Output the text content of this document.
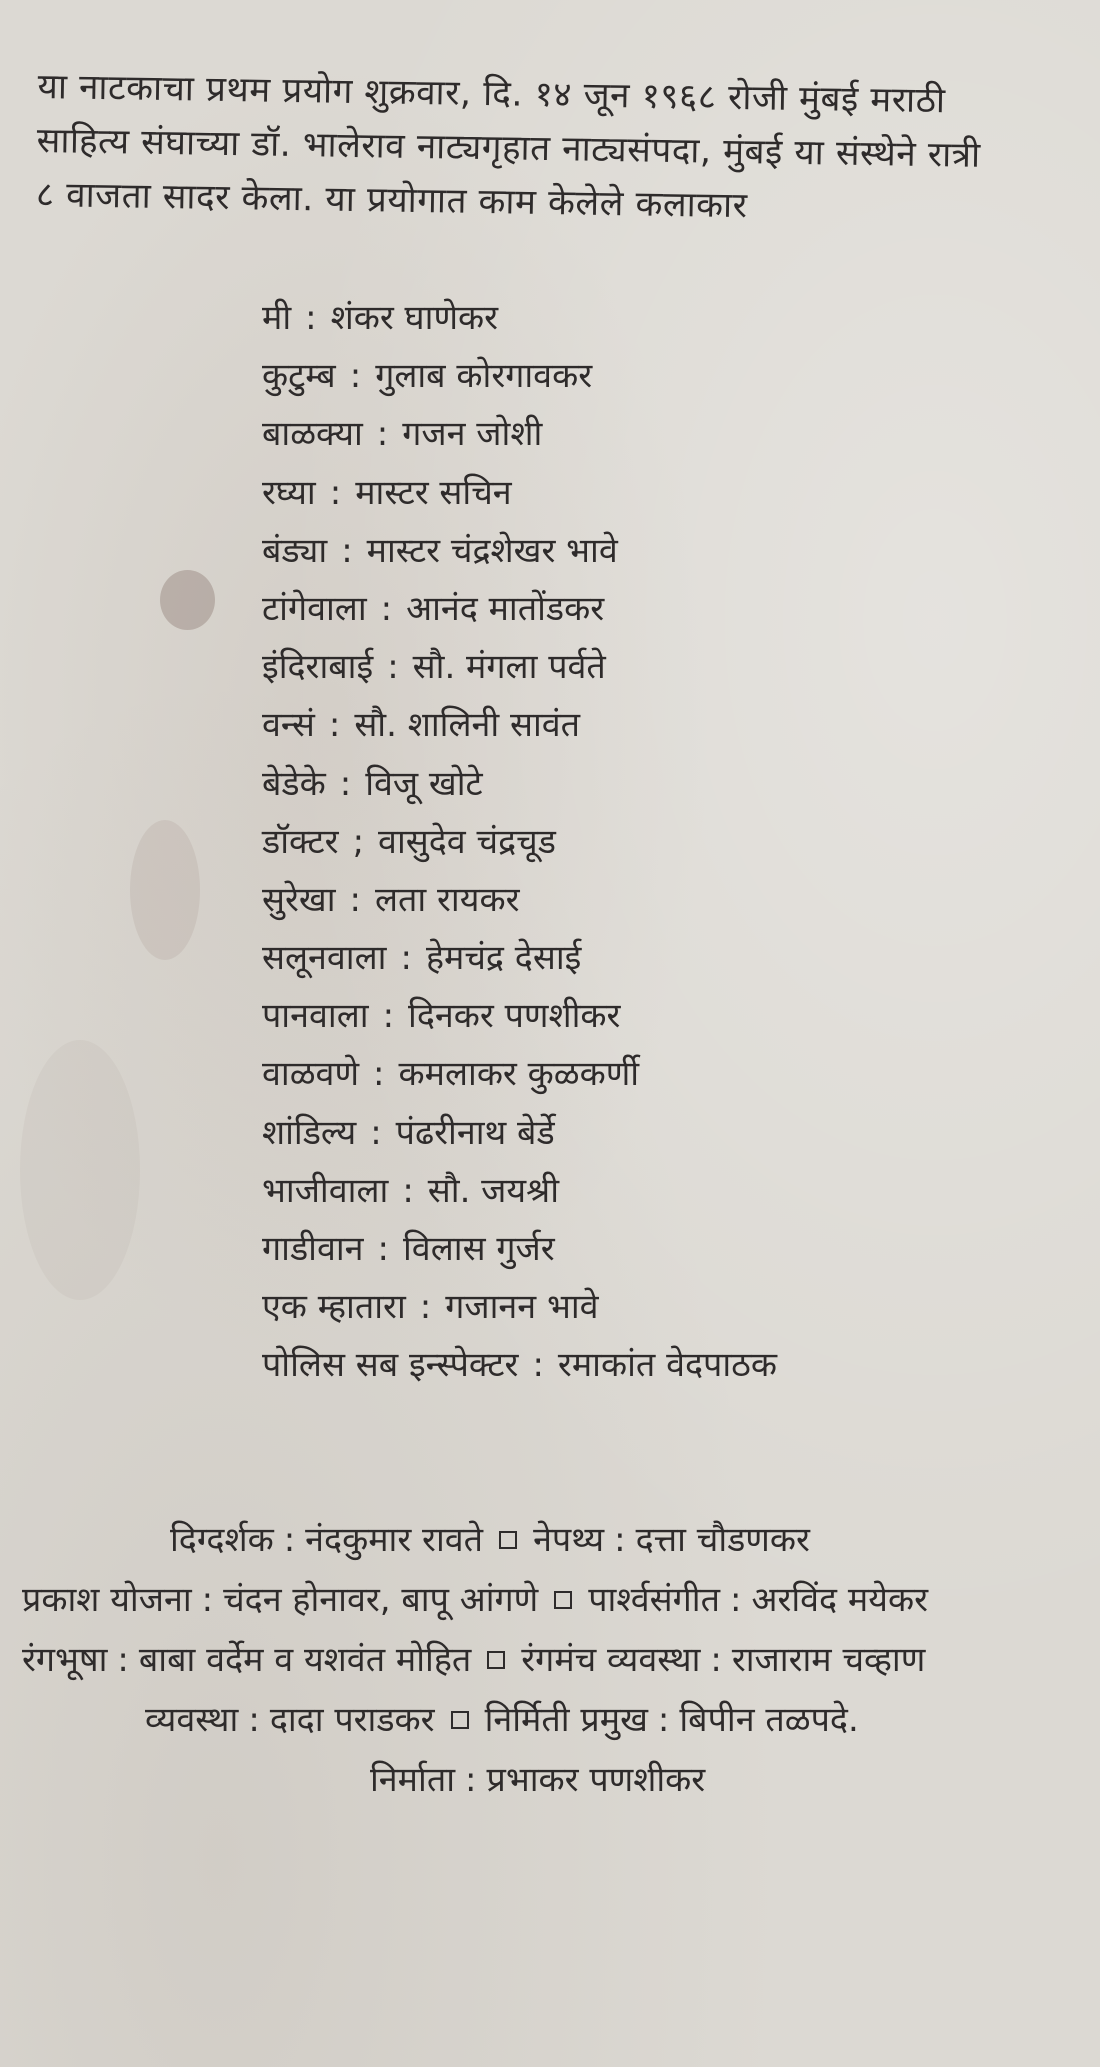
या नाटकाचा प्रथम प्रयोग शुक्रवार, दि. १४ जून १९६८ रोजी मुंबई मराठी
साहित्य संघाच्या डॉ. भालेराव नाट्यगृहात नाट्यसंपदा, मुंबई या संस्थेने रात्री
८ वाजता सादर केला. या प्रयोगात काम केलेले कलाकार
मी : शंकर घाणेकर
कुटुम्ब : गुलाब कोरगावकर
बाळक्या : गजन जोशी
रघ्या : मास्टर सचिन
बंड्या : मास्टर चंद्रशेखर भावे
टांगेवाला : आनंद मातोंडकर
इंदिराबाई : सौ. मंगला पर्वते
वन्सं : सौ. शालिनी सावंत
बेडेके : विजू खोटे
डॉक्टर ; वासुदेव चंद्रचूड
सुरेखा : लता रायकर
सलूनवाला : हेमचंद्र देसाई
पानवाला : दिनकर पणशीकर
वाळवणे : कमलाकर कुळकर्णी
शांडिल्य : पंढरीनाथ बेर्डे
भाजीवाला : सौ. जयश्री
गाडीवान : विलास गुर्जर
एक म्हातारा : गजानन भावे
पोलिस सब इन्स्पेक्टर : रमाकांत वेदपाठक
दिग्दर्शक : नंदकुमार रावते नेपथ्य : दत्ता चौडणकर
प्रकाश योजना : चंदन होनावर, बापू आंगणे पार्श्वसंगीत : अरविंद मयेकर
रंगभूषा : बाबा वर्देम व यशवंत मोहित रंगमंच व्यवस्था : राजाराम चव्हाण
व्यवस्था : दादा पराडकर निर्मिती प्रमुख : बिपीन तळपदे.
निर्माता : प्रभाकर पणशीकर
